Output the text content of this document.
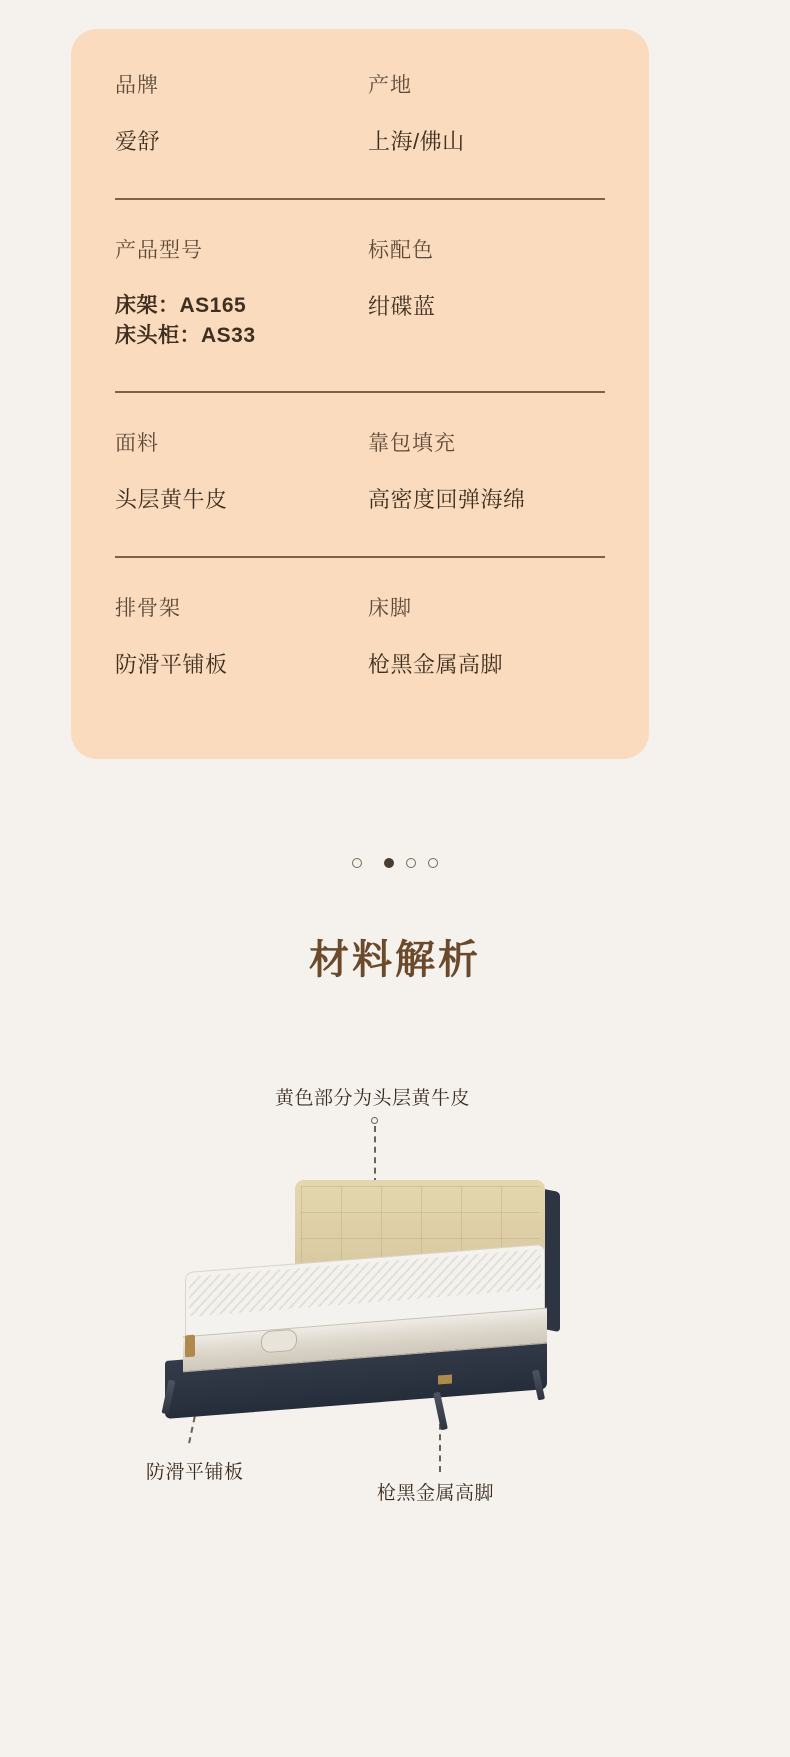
品牌
爱舒
产地
上海/佛山
产品型号
床架：AS165
床头柜：AS33
标配色
绀碟蓝
面料
头层黄牛皮
靠包填充
高密度回弹海绵
排骨架
防滑平铺板
床脚
枪黑金属高脚
材料解析
黄色部分为头层黄牛皮
防滑平铺板
枪黑金属高脚
